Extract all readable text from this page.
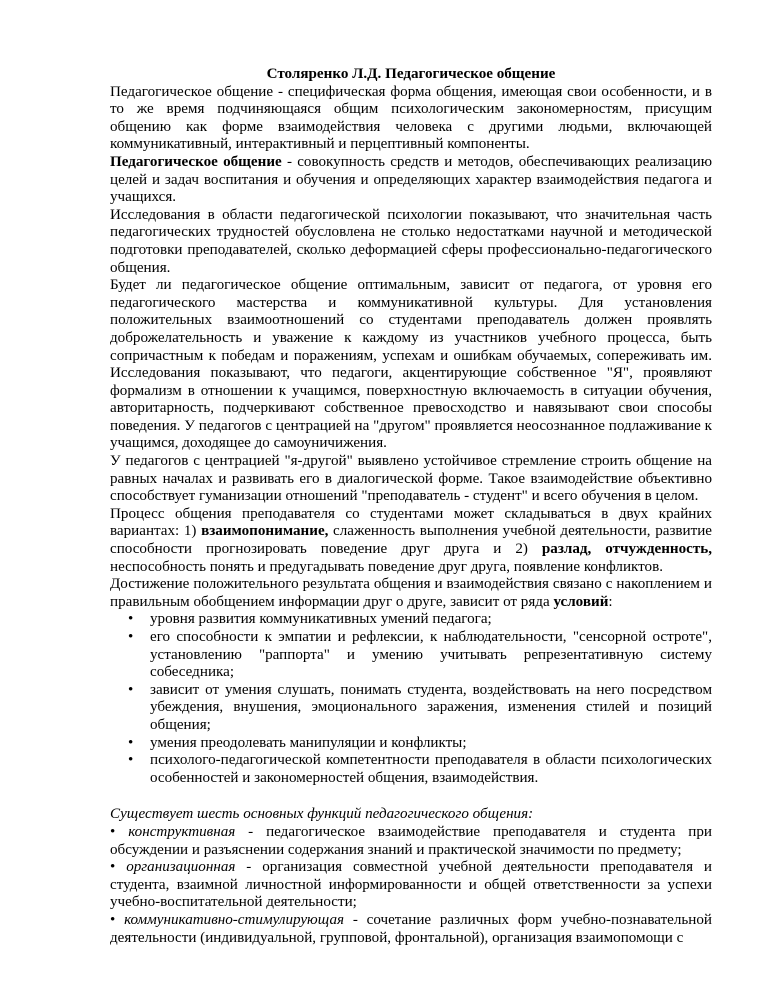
Столяренко Л.Д. Педагогическое общение

Педагогическое общение - специфическая форма общения, имеющая свои особенности, и в то же время подчиняющаяся общим психологическим закономерностям, присущим общению как форме взаимодействия человека с другими людьми, включающей коммуникативный, интерактивный и перцептивный компоненты.

Педагогическое общение - совокупность средств и методов, обеспечивающих реализацию целей и задач воспитания и обучения и определяющих характер взаимодействия педагога и учащихся.

Исследования в области педагогической психологии показывают, что значительная часть педагогических трудностей обусловлена не столько недостатками научной и методической подготовки преподавателей, сколько деформацией сферы профессионально-педагогического общения.

Будет ли педагогическое общение оптимальным, зависит от педагога, от уровня его педагогического мастерства и коммуникативной культуры. Для установления положительных взаимоотношений со студентами преподаватель должен проявлять доброжелательность и уважение к каждому из участников учебного процесса, быть сопричастным к победам и поражениям, успехам и ошибкам обучаемых, сопереживать им. Исследования показывают, что педагоги, акцентирующие собственное "Я", проявляют формализм в отношении к учащимся, поверхностную включаемость в ситуации обучения, авторитарность, подчеркивают собственное превосходство и навязывают свои способы поведения. У педагогов с центрацией на "другом" проявляется неосознанное подлаживание к учащимся, доходящее до самоуничижения.

У педагогов с центрацией "я-другой" выявлено устойчивое стремление строить общение на равных началах и развивать его в диалогической форме. Такое взаимодействие объективно способствует гуманизации отношений "преподаватель - студент" и всего обучения в целом.

Процесс общения преподавателя со студентами может складываться в двух крайних вариантах: 1) взаимопонимание, слаженность выполнения учебной деятельности, развитие способности прогнозировать поведение друг друга и 2) разлад, отчужденность, неспособность понять и предугадывать поведение друг друга, появление конфликтов.

Достижение положительного результата общения и взаимодействия связано с накоплением и правильным обобщением информации друг о друге, зависит от ряда условий:

• уровня развития коммуникативных умений педагога;
• его способности к эмпатии и рефлексии, к наблюдательности, "сенсорной остроте", установлению "раппорта" и умению учитывать репрезентативную систему собеседника;
• зависит от умения слушать, понимать студента, воздействовать на него посредством убеждения, внушения, эмоционального заражения, изменения стилей и позиций общения;
• умения преодолевать манипуляции и конфликты;
• психолого-педагогической компетентности преподавателя в области психологических особенностей и закономерностей общения, взаимодействия.

Существует шесть основных функций педагогического общения:

• конструктивная - педагогическое взаимодействие преподавателя и студента при обсуждении и разъяснении содержания знаний и практической значимости по предмету;

• организационная - организация совместной учебной деятельности преподавателя и студента, взаимной личностной информированности и общей ответственности за успехи учебно-воспитательной деятельности;

• коммуникативно-стимулирующая - сочетание различных форм учебно-познавательной деятельности (индивидуальной, групповой, фронтальной), организация взаимопомощи с
